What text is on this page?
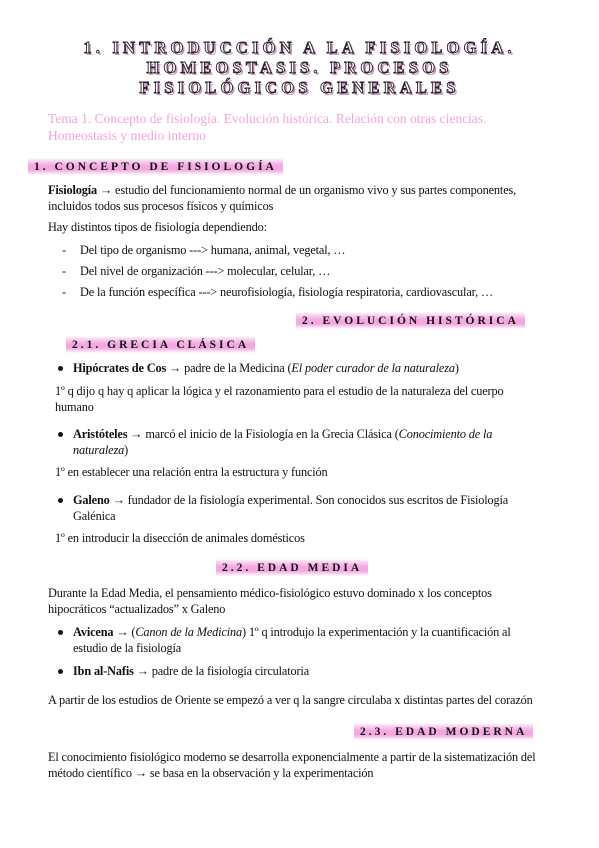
1. INTRODUCCIÓN A LA FISIOLOGÍA.
HOMEOSTASIS. PROCESOS
FISIOLÓGICOS GENERALES
Tema 1. Concepto de fisiología. Evolución histórica. Relación con otras ciencias. Homeostasis y medio interno
1. CONCEPTO DE FISIOLOGÍA
Fisiología → estudio del funcionamiento normal de un organismo vivo y sus partes componentes,
incluidos todos sus procesos físicos y químicos
Hay distintos tipos de fisiología dependiendo:
- Del tipo de organismo ---> humana, animal, vegetal, …
- Del nivel de organización ---> molecular, celular, …
- De la función específica ---> neurofisiología, fisiología respiratoria, cardiovascular, …
2. EVOLUCIÓN HISTÓRICA
2.1. GRECIA CLÁSICA
Hipócrates de Cos → padre de la Medicina (El poder curador de la naturaleza)
1º q dijo q hay q aplicar la lógica y el razonamiento para el estudio de la naturaleza del cuerpo
humano
Aristóteles → marcó el inicio de la Fisiología en la Grecia Clásica (Conocimiento de la
naturaleza)
1º en establecer una relación entra la estructura y función
Galeno → fundador de la fisiología experimental. Son conocidos sus escritos de Fisiología
Galénica
1º en introducir la disección de animales domésticos
2.2. EDAD MEDIA
Durante la Edad Media, el pensamiento médico-fisiológico estuvo dominado x los conceptos
hipocráticos “actualizados” x Galeno
Avicena → (Canon de la Medicina) 1º q introdujo la experimentación y la cuantificación al
estudio de la fisiología
Ibn al-Nafis → padre de la fisiología circulatoria
A partir de los estudios de Oriente se empezó a ver q la sangre circulaba x distintas partes del corazón
2.3. EDAD MODERNA
El conocimiento fisiológico moderno se desarrolla exponencialmente a partir de la sistematización del
método científico → se basa en la observación y la experimentación
